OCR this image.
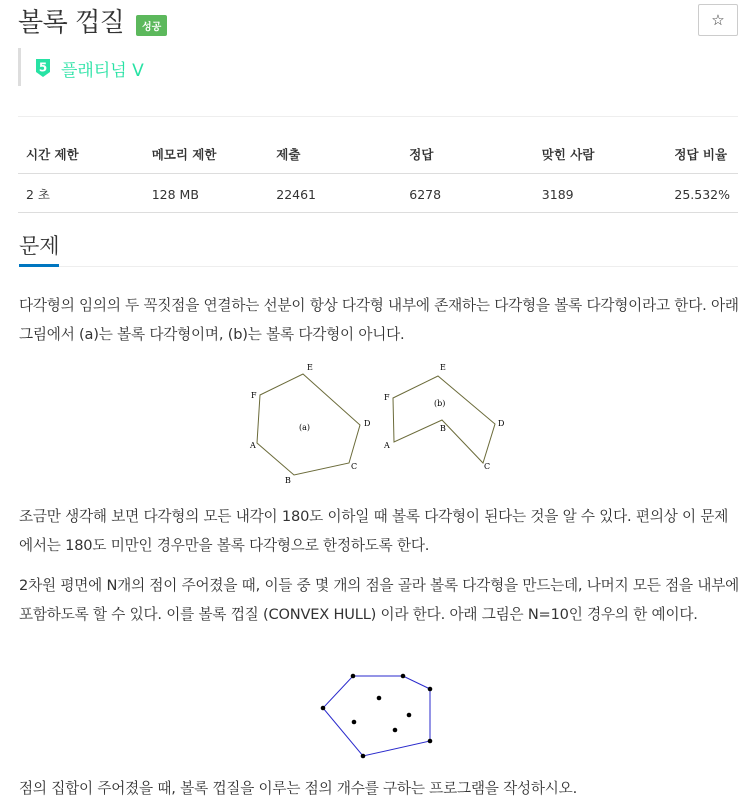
볼록 껍질	성공	☆
5 플래티넘 V
시간 제한	메모리 제한	제출	정답	맞힌 사람	정답 비율
2 초	128 MB	22461	6278	3189	25.532%
문제
다각형의 임의의 두 꼭짓점을 연결하는 선분이 항상 다각형 내부에 존재하는 다각형을 볼록 다각형이라고 한다. 아래 그림에서 (a)는 볼록 다각형이며, (b)는 볼록 다각형이 아니다.
F
E
D
C
B
A
(a)
F
E
D
C
B
A
(b)
조금만 생각해 보면 다각형의 모든 내각이 180도 이하일 때 볼록 다각형이 된다는 것을 알 수 있다. 편의상 이 문제에서는 180도 미만인 경우만을 볼록 다각형으로 한정하도록 한다.
2차원 평면에 N개의 점이 주어졌을 때, 이들 중 몇 개의 점을 골라 볼록 다각형을 만드는데, 나머지 모든 점을 내부에 포함하도록 할 수 있다. 이를 볼록 껍질 (CONVEX HULL) 이라 한다. 아래 그림은 N=10인 경우의 한 예이다.
점의 집합이 주어졌을 때, 볼록 껍질을 이루는 점의 개수를 구하는 프로그램을 작성하시오.
